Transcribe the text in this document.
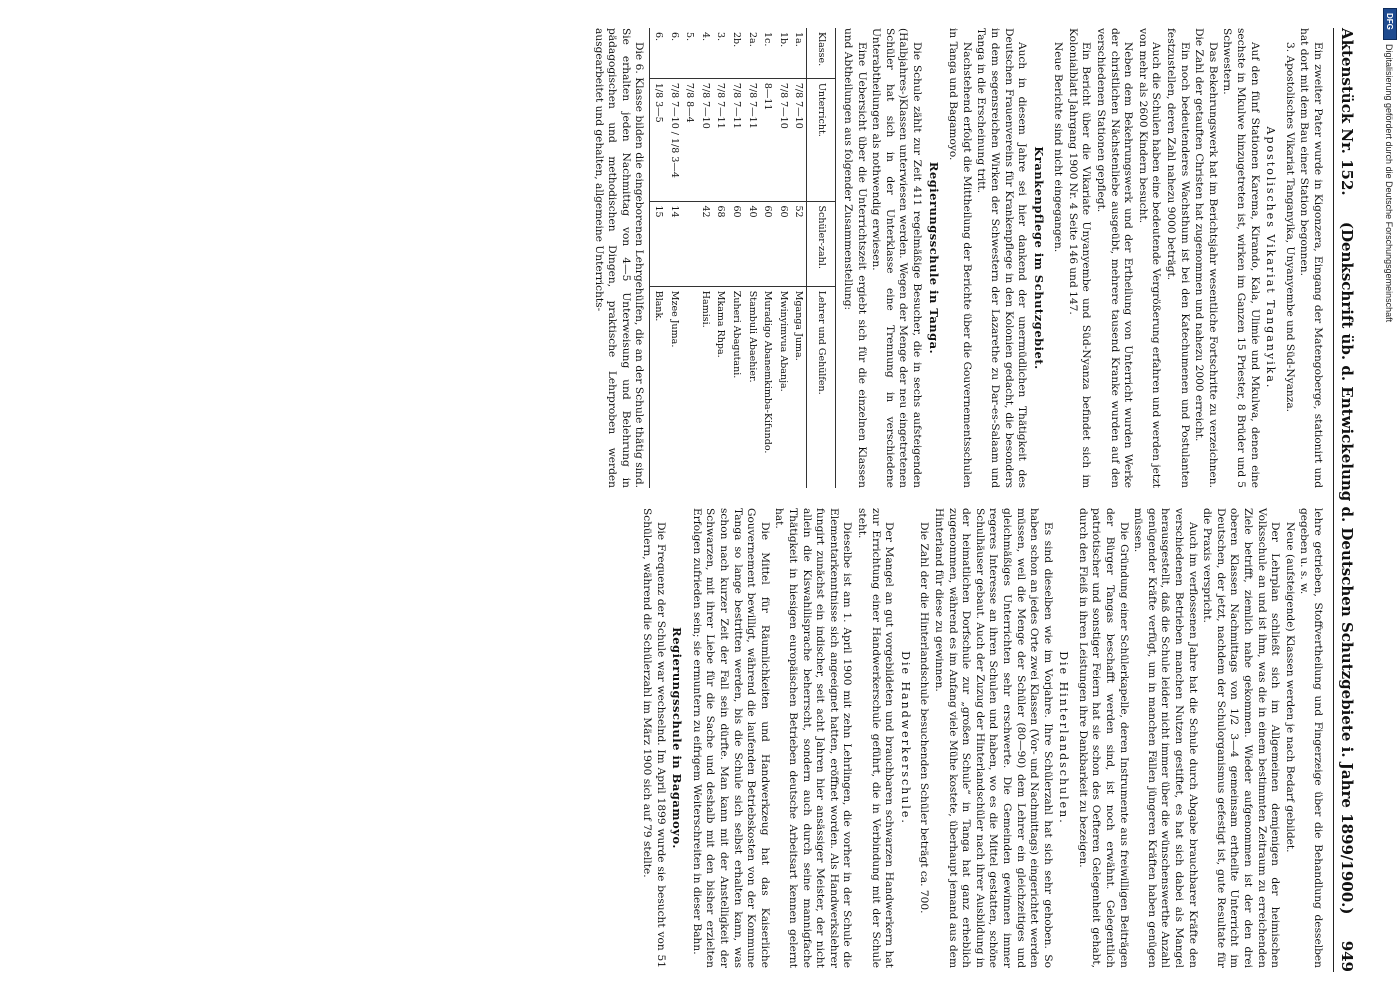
Aktenstück Nr. 152.
(Denkschrift üb. d. Entwickelung d. Deutschen Schutzgebiete i. Jahre 1899/1900.)
949

Ein zweiter Pater wurde in Kigonzera, Eingang der Matengoberge, stationirt und hat dort mit dem Bau einer Station begonnen.

3. Apostolisches Vikariat Tanganyika, Unyanyembe und Süd-Nyanza.

Apostolisches Vikariat Tanganyika.

Auf den fünf Stationen Karema, Kirando, Kala, Ulimie und Mkulwa, denen eine sechste in Mkulwe hinzugetreten ist, wirken im Ganzen 15 Priester, 8 Brüder und 5 Schwestern.

Das Bekehrungswerk hat im Berichtsjahr wesentliche Fortschritte zu verzeichnen. Die Zahl der getauften Christen hat zugenommen und nahezu 2000 erreicht.

Ein noch bedeutenderes Wachsthum ist bei den Katechumenen und Postulanten festzustellen, deren Zahl nahezu 9000 beträgt.

Auch die Schulen haben eine bedeutende Vergrößerung erfahren und werden jetzt von mehr als 2600 Kindern besucht.

Neben dem Bekehrungswerk und der Ertheilung von Unterricht wurden Werke der christlichen Nächstenliebe ausgeübt, mehrere tausend Kranke wurden auf den verschiedenen Stationen gepflegt.

Ein Bericht über die Vikariate Unyanyembe und Süd-Nyanza befindet sich im Kolonialblatt Jahrgang 1900 Nr. 4 Seite 146 und 147.

Neue Berichte sind nicht eingegangen.

Krankenpflege im Schutzgebiet.

Auch in diesem Jahre sei hier dankend der unermüdlichen Thätigkeit des Deutschen Frauenvereins für Krankenpflege in den Kolonien gedacht, die besonders in dem segensreichen Wirken der Schwestern der Lazarethe zu Dar-es-Salaam und Tanga in die Erscheinung tritt.

Nachstehend erfolgt die Mittheilung der Berichte über die Gouvernementsschulen in Tanga und Bagamoyo.

Regierungsschule in Tanga.

Die Schule zählt zur Zeit 411 regelmäßige Besucher, die in sechs aufsteigenden (Halbjahres-)Klassen unterwiesen werden. Wegen der Menge der neu eingetretenen Schüler hat sich in der Unterklasse eine Trennung in verschiedene Unterabtheilungen als nothwendig erwiesen.

Eine Uebersicht über die Unterrichtszeit ergiebt sich für die einzelnen Klassen und Abtheilungen aus folgender Zusammenstellung:

Klasse.	Unterricht.	Schüler-zahl.	Lehrer und Gehülfen.
1a.	7/8 7—10	52	Mganga Juma.
1b.	7/8 7—10	60	Mwinyimvua Abanja.
1c.	8—11	60	Muradigo Abanemkimba-Kifundo.
2a.	7/8 7—11	40	Stambuli Abaehier.
2b.	7/8 7—11	60	Zuheri Abagutani.
3.	7/8 7—11	68	Mkama Rhpa.
4.	7/8 7—10	42	Hamisi.
5.	7/8 8—4		
6.	7/8 7—10 / 1/8 3—4	14	Mzee Juma.
6.	1/8 3—5	15	Blank.

Die 6. Klasse bilden die eingeborenen Lehrgehülfen, die an der Schule thätig sind. Sie erhalten jeden Nachmittag von 4—5 Unterweisung und Belehrung in pädagogischen und methodischen Dingen, praktische Lehrproben werden ausgearbeitet und gehalten, allgemeine Unterrichts-

lehre getrieben, Stoffvertheilung und Fingerzeige über die Behandlung desselben gegeben u. s. w.

Neue (aufsteigende) Klassen werden je nach Bedarf gebildet.

Der Lehrplan schließt sich im Allgemeinen demjenigen der heimischen Volksschule an und ist ihm, was die in einem bestimmten Zeitraum zu erreichenden Ziele betrifft, ziemlich nahe gekommen. Wieder aufgenommen ist der den drei oberen Klassen Nachmittags von 1/2 3—4 gemeinsam ertheilte Unterricht im Deutschen, der jetzt, nachdem der Schulorganismus gefestigt ist, gute Resultate für die Praxis verspricht.

Auch im verflossenen Jahre hat die Schule durch Abgabe brauchbarer Kräfte den verschiedenen Betrieben manchen Nutzen gestiftet, es hat sich dabei als Mangel herausgestellt, daß die Schule leider nicht immer über die wünschenswerthe Anzahl genügender Kräfte verfügt, um in manchen Fällen jüngeren Kräften haben genügen müssen.

Die Gründung einer Schülerkapelle, deren Instrumente aus freiwilligen Beiträgen der Bürger Tangas beschafft werden sind, ist noch erwähnt. Gelegentlich patriotischer und sonstiger Feiern hat sie schon des Oefteren Gelegenheit gehabt, durch den Fleiß in ihren Leistungen ihre Dankbarkeit zu bezeigen.

Die Hinterlandschulen.

Es sind dieselben wie im Vorjahre. Ihre Schülerzahl hat sich sehr gehoben. So haben schon an jedes Orte zwei Klassen (Vor- und Nachmittags) eingerichtet werden müssen, weil die Menge der Schüler (80—90) dem Lehrer ein gleichzeitiges und gleichmäßiges Unterrichten sehr erschwerte. Die Gemeinden gewinnen immer regeres Interesse an ihren Schulen und haben, wo es die Mittel gestatten, schöne Schulhäuser gebaut. Auch der Zuzug der Hinterlandschüler nach ihrer Ausbildung in der heimatlichen Dorfschule zur „großen Schule“ in Tanga hat ganz erheblich zugenommen, während es im Anfang viele Mühe kostete, überhaupt jemand aus dem Hinterland für diese zu gewinnen.

Die Zahl der die Hinterlandschule besuchenden Schüler beträgt ca. 700.

Die Handwerkerschule.

Der Mangel an gut vorgebildeten und brauchbaren schwarzen Handwerkern hat zur Errichtung einer Handwerkerschule geführt, die in Verbindung mit der Schule steht.

Dieselbe ist am 1. April 1900 mit zehn Lehrlingen, die vorher in der Schule die Elementarkenntnisse sich angeeignet hatten, eröffnet worden. Als Handwerkslehrer fungirt zunächst ein indischer, seit acht Jahren hier ansässiger Meister, der nicht allein die Kiswahilisprache beherrscht, sondern auch durch seine mannigfache Thätigkeit in hiesigen europäischen Betrieben deutsche Arbeitsart kennen gelernt hat.

Die Mittel für Räumlichkeiten und Handwerkzeug hat das Kaiserliche Gouvernement bewilligt, während die laufenden Betriebskosten von der Kommune Tanga so lange bestritten werden, bis die Schule sich selbst erhalten kann, was schon nach kurzer Zeit der Fall sein dürfte. Man kann mit der Anstelligkeit der Schwarzen, mit ihrer Liebe für die Sache und deshalb mit den bisher erzielten Erfolgen zufrieden sein; sie ermuntern zu eifrigem Weiterschreiten in dieser Bahn.

Regierungsschule in Bagamoyo.

Die Frequenz der Schule war wechselnd. Im April 1899 wurde sie besucht von 51 Schülern, während die Schülerzahl im März 1900 sich auf 79 stellte.

DFG
Digitalisierung gefördert durch die Deutsche Forschungsgemeinschaft
